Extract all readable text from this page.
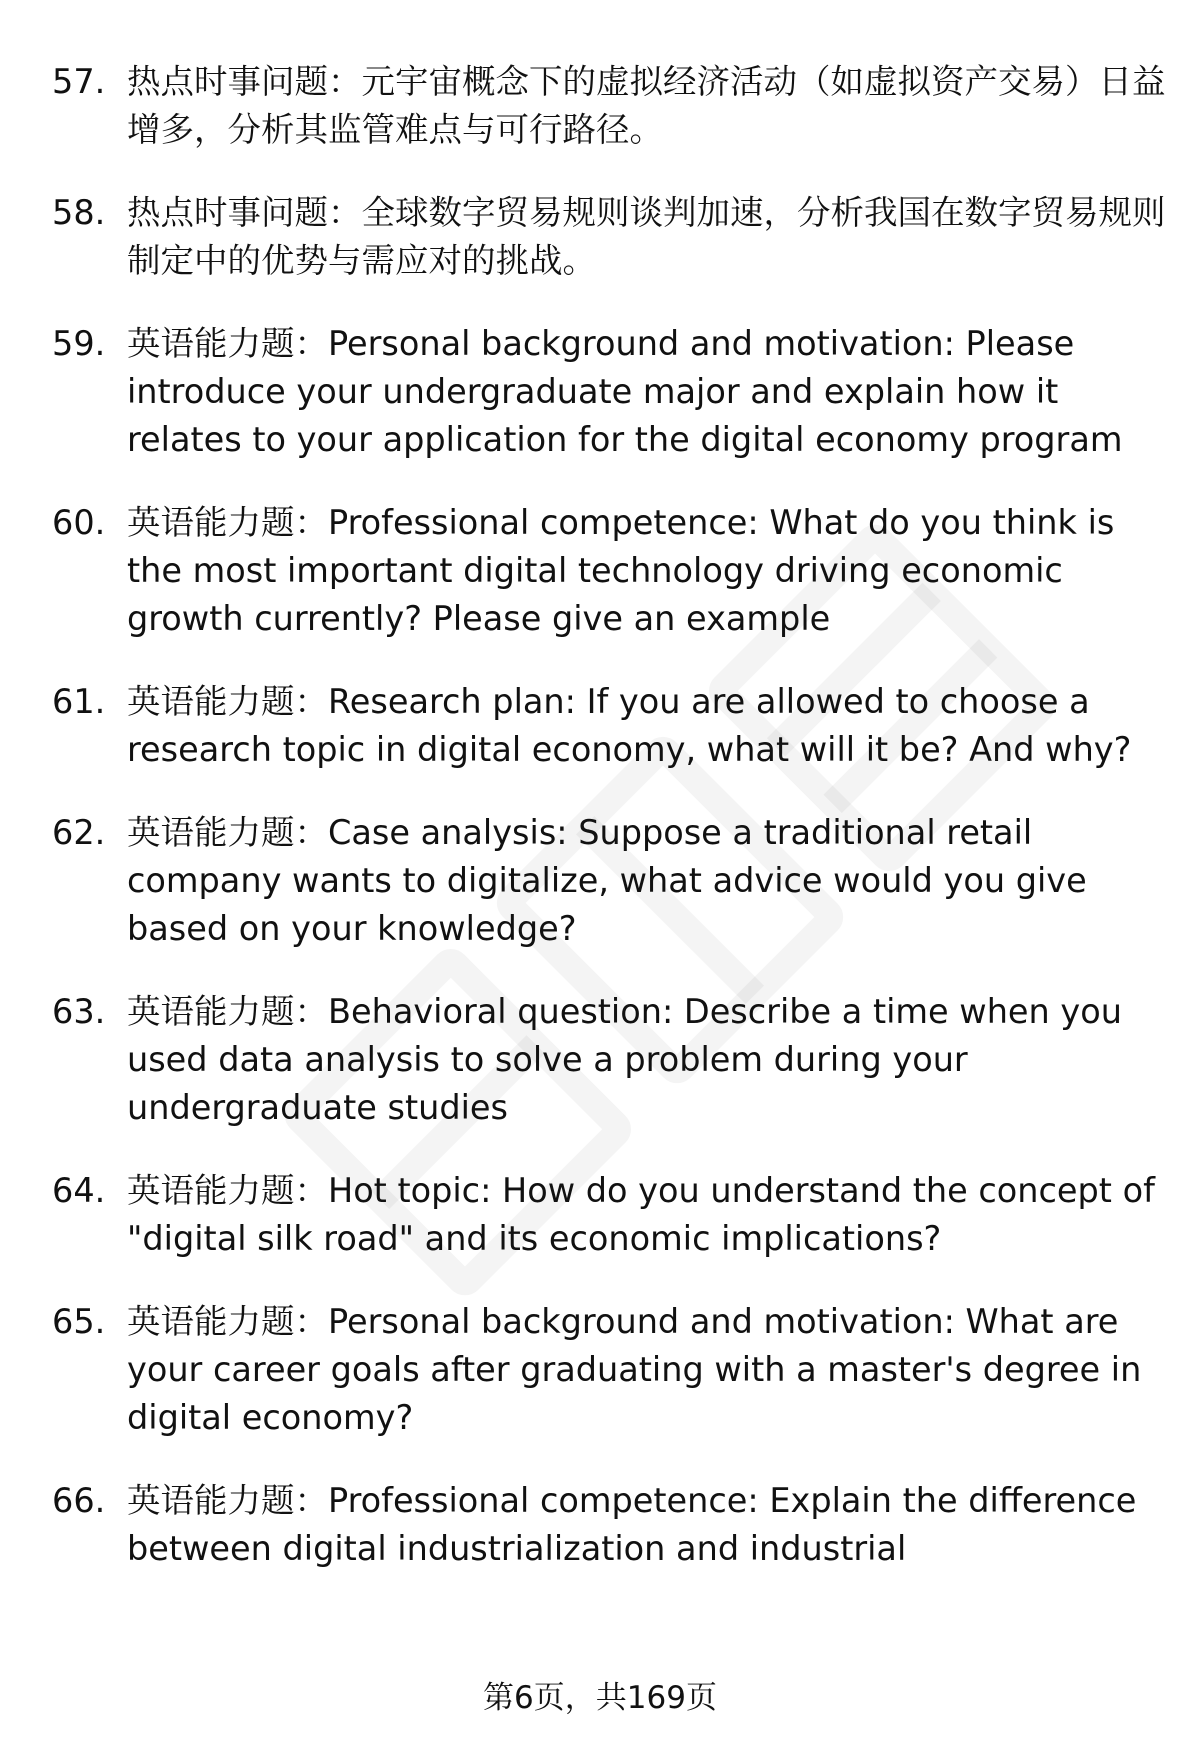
57. 热点时事问题：元宇宙概念下的虚拟经济活动（如虚拟资产交易）日益增多，分析其监管难点与可行路径。
58. 热点时事问题：全球数字贸易规则谈判加速，分析我国在数字贸易规则制定中的优势与需应对的挑战。
59. 英语能力题：Personal background and motivation: Please introduce your undergraduate major and explain how it relates to your application for the digital economy program
60. 英语能力题：Professional competence: What do you think is the most important digital technology driving economic growth currently? Please give an example
61. 英语能力题：Research plan: If you are allowed to choose a research topic in digital economy, what will it be? And why?
62. 英语能力题：Case analysis: Suppose a traditional retail company wants to digitalize, what advice would you give based on your knowledge?
63. 英语能力题：Behavioral question: Describe a time when you used data analysis to solve a problem during your undergraduate studies
64. 英语能力题：Hot topic: How do you understand the concept of "digital silk road" and its economic implications?
65. 英语能力题：Personal background and motivation: What are your career goals after graduating with a master's degree in digital economy?
66. 英语能力题：Professional competence: Explain the difference between digital industrialization and industrial
第6页，共169页
